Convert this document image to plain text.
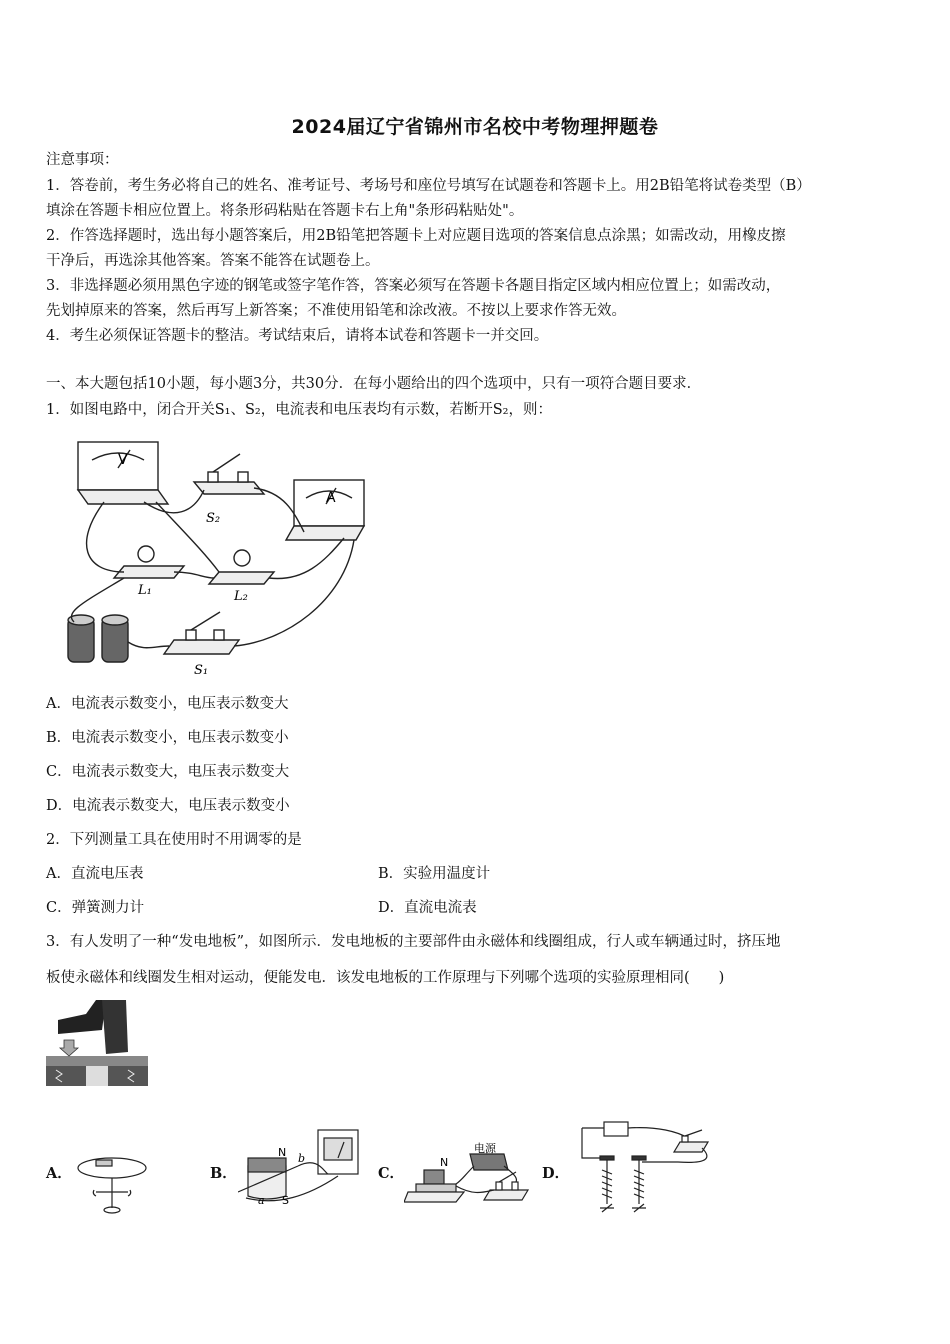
2024届辽宁省锦州市名校中考物理押题卷
注意事项：
1．答卷前，考生务必将自己的姓名、准考证号、考场号和座位号填写在试题卷和答题卡上。用2B铅笔将试卷类型（B）
填涂在答题卡相应位置上。将条形码粘贴在答题卡右上角"条形码粘贴处"。
2．作答选择题时，选出每小题答案后，用2B铅笔把答题卡上对应题目选项的答案信息点涂黑；如需改动，用橡皮擦
干净后，再选涂其他答案。答案不能答在试题卷上。
3．非选择题必须用黑色字迹的钢笔或签字笔作答，答案必须写在答题卡各题目指定区域内相应位置上；如需改动，
先划掉原来的答案，然后再写上新答案；不准使用铅笔和涂改液。不按以上要求作答无效。
4．考生必须保证答题卡的整洁。考试结束后，请将本试卷和答题卡一并交回。
一、本大题包括10小题，每小题3分，共30分．在每小题给出的四个选项中，只有一项符合题目要求．
1．如图电路中，闭合开关S₁、S₂，电流表和电压表均有示数，若断开S₂，则：
V
A
S₂
L₁	L₂
S₁
A．电流表示数变小，电压表示数变大
B．电流表示数变小，电压表示数变小
C．电流表示数变大，电压表示数变大
D．电流表示数变大，电压表示数变小
2．下列测量工具在使用时不用调零的是
A．直流电压表	B．实验用温度计
C．弹簧测力计	D．直流电流表
3．有人发明了一种“发电地板”，如图所示．发电地板的主要部件由永磁体和线圈组成，行人或车辆通过时，挤压地
板使永磁体和线圈发生相对运动，便能发电．该发电地板的工作原理与下列哪个选项的实验原理相同(　　)
A．	B．	C．	D．
N b
a S
电源
N
